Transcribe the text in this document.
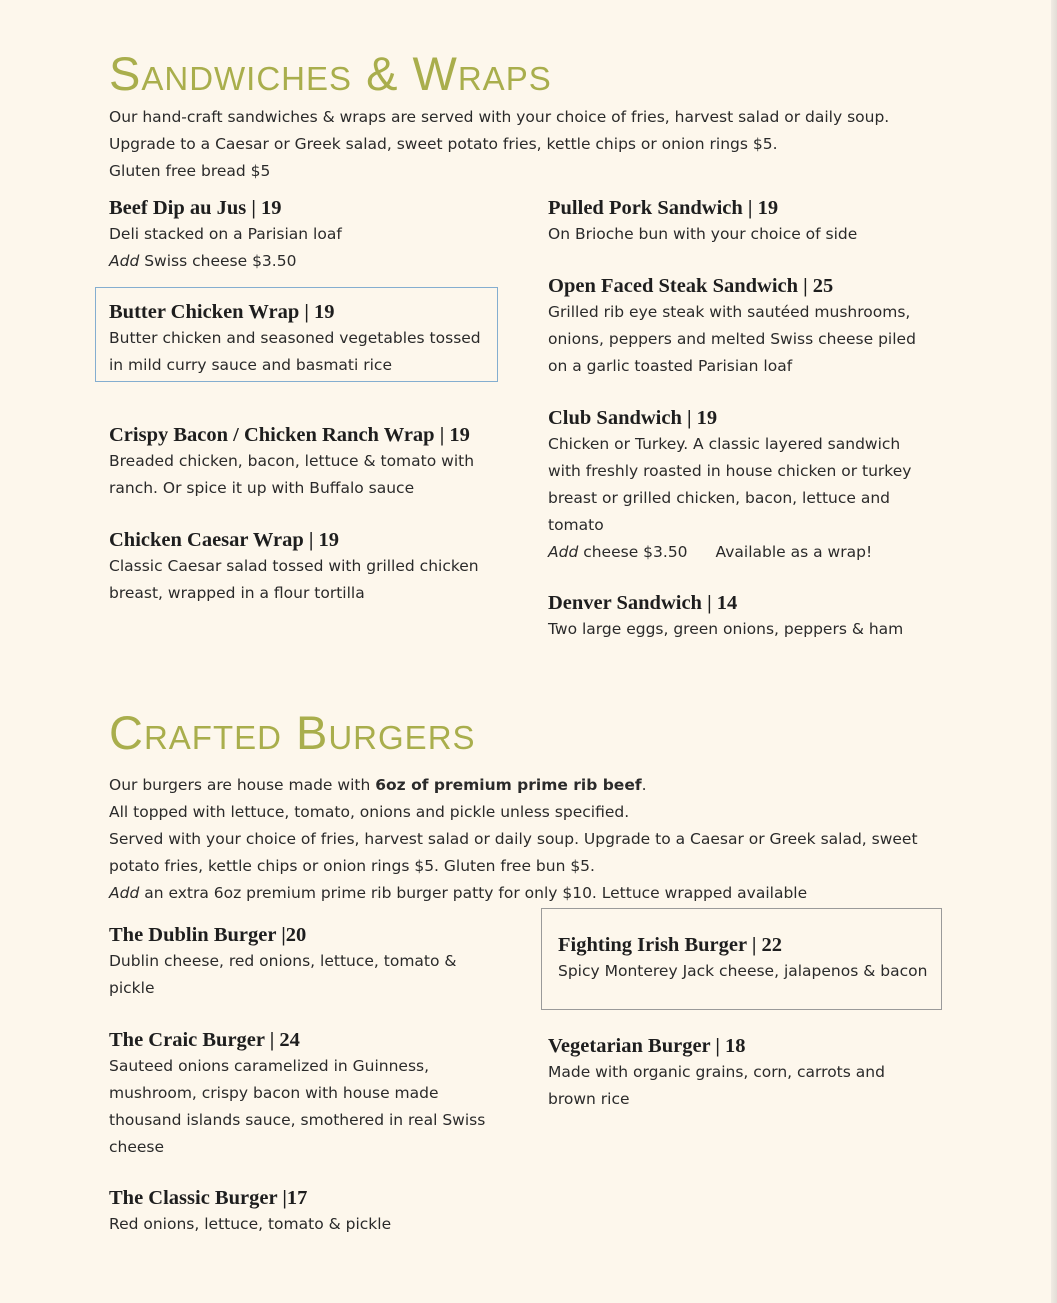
Sandwiches & Wraps
Our hand-craft sandwiches & wraps are served with your choice of fries, harvest salad or daily soup.
Upgrade to a Caesar or Greek salad, sweet potato fries, kettle chips or onion rings $5.
Gluten free bread $5
Beef Dip au Jus | 19
Deli stacked on a Parisian loaf
Add Swiss cheese $3.50
Butter Chicken Wrap | 19
Butter chicken and seasoned vegetables tossed
in mild curry sauce and basmati rice
Crispy Bacon / Chicken Ranch Wrap | 19
Breaded chicken, bacon, lettuce & tomato with
ranch. Or spice it up with Buffalo sauce
Chicken Caesar Wrap | 19
Classic Caesar salad tossed with grilled chicken
breast, wrapped in a flour tortilla
Pulled Pork Sandwich | 19
On Brioche bun with your choice of side
Open Faced Steak Sandwich | 25
Grilled rib eye steak with sautéed mushrooms,
onions, peppers and melted Swiss cheese piled
on a garlic toasted Parisian loaf
Club Sandwich | 19
Chicken or Turkey. A classic layered sandwich
with freshly roasted in house chicken or turkey
breast or grilled chicken, bacon, lettuce and
tomato
Add cheese $3.50 Available as a wrap!
Denver Sandwich | 14
Two large eggs, green onions, peppers & ham
Crafted Burgers
Our burgers are house made with 6oz of premium prime rib beef.
All topped with lettuce, tomato, onions and pickle unless specified.
Served with your choice of fries, harvest salad or daily soup. Upgrade to a Caesar or Greek salad, sweet
potato fries, kettle chips or onion rings $5. Gluten free bun $5.
Add an extra 6oz premium prime rib burger patty for only $10. Lettuce wrapped available
The Dublin Burger |20
Dublin cheese, red onions, lettuce, tomato &
pickle
The Craic Burger | 24
Sauteed onions caramelized in Guinness,
mushroom, crispy bacon with house made
thousand islands sauce, smothered in real Swiss
cheese
The Classic Burger |17
Red onions, lettuce, tomato & pickle
Fighting Irish Burger | 22
Spicy Monterey Jack cheese, jalapenos & bacon
Vegetarian Burger | 18
Made with organic grains, corn, carrots and
brown rice
